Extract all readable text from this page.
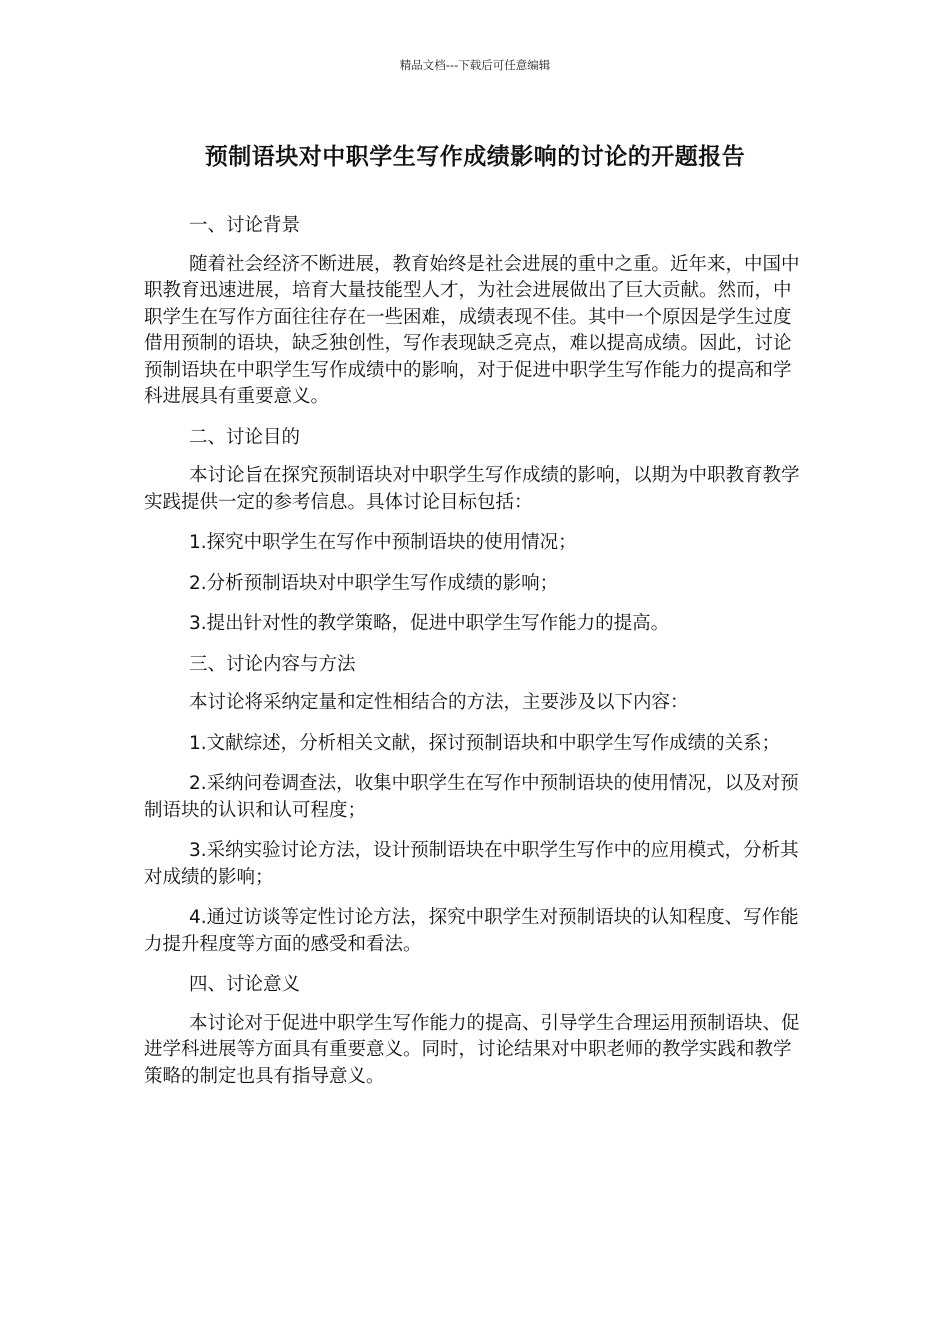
精品文档---下载后可任意编辑
预制语块对中职学生写作成绩影响的讨论的开题报告

一、讨论背景

随着社会经济不断进展，教育始终是社会进展的重中之重。近年来，中国中职教育迅速进展，培育大量技能型人才，为社会进展做出了巨大贡献。然而，中职学生在写作方面往往存在一些困难，成绩表现不佳。其中一个原因是学生过度借用预制的语块，缺乏独创性，写作表现缺乏亮点，难以提高成绩。因此，讨论预制语块在中职学生写作成绩中的影响，对于促进中职学生写作能力的提高和学科进展具有重要意义。

二、讨论目的

本讨论旨在探究预制语块对中职学生写作成绩的影响，以期为中职教育教学实践提供一定的参考信息。具体讨论目标包括：

1.探究中职学生在写作中预制语块的使用情况；

2.分析预制语块对中职学生写作成绩的影响；

3.提出针对性的教学策略，促进中职学生写作能力的提高。

三、讨论内容与方法

本讨论将采纳定量和定性相结合的方法，主要涉及以下内容：

1.文献综述，分析相关文献，探讨预制语块和中职学生写作成绩的关系；

2.采纳问卷调查法，收集中职学生在写作中预制语块的使用情况，以及对预制语块的认识和认可程度；

3.采纳实验讨论方法，设计预制语块在中职学生写作中的应用模式，分析其对成绩的影响；

4.通过访谈等定性讨论方法，探究中职学生对预制语块的认知程度、写作能力提升程度等方面的感受和看法。

四、讨论意义

本讨论对于促进中职学生写作能力的提高、引导学生合理运用预制语块、促进学科进展等方面具有重要意义。同时，讨论结果对中职老师的教学实践和教学策略的制定也具有指导意义。
